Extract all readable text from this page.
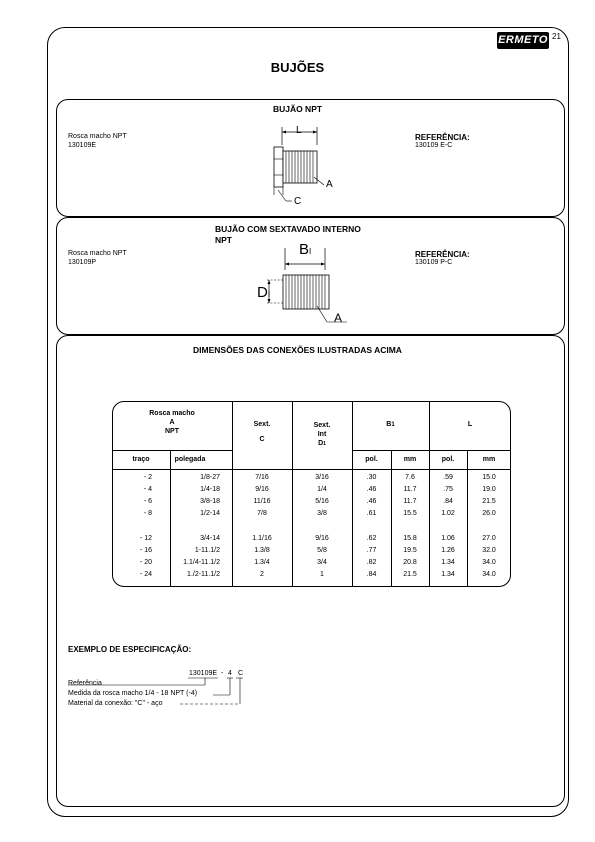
ERMETO 21
BUJÕES
BUJÃO NPT
Rosca macho NPT
130109E
REFERÊNCIA:
130109 E-C
L
A
C
BUJÃO COM SEXTAVADO INTERNO
NPT
Rosca macho NPT
130109P
REFERÊNCIA:
130109 P-C
BI
DI
A
DIMENSÕES DAS CONEXÕES ILUSTRADAS ACIMA
Rosca macho
A
NPT
Sext.
C
Sext.
Int
D1
B1	L
traço	polegada	pol.	mm	pol.	mm
- 2	1/8-27	7/16	3/16	.30	7.6	.59	15.0
- 4	1/4-18	9/16	1/4	.46	11.7	.75	19.0
- 6	3/8-18	11/16	5/16	.46	11.7	.84	21.5
- 8	1/2-14	7/8	3/8	.61	15.5	1.02	26.0
- 12	3/4-14	1.1/16	9/16	.62	15.8	1.06	27.0
- 16	1-11.1/2	1.3/8	5/8	.77	19.5	1.26	32.0
- 20	1.1/4-11.1/2	1.3/4	3/4	.82	20.8	1.34	34.0
- 24	1./2-11.1/2	2	1	.84	21.5	1.34	34.0
EXEMPLO DE ESPECIFICAÇÃO:
130109E - 4 C
Referência
Medida da rosca macho 1/4 - 18 NPT (-4)
Material da conexão: "C" - aço
